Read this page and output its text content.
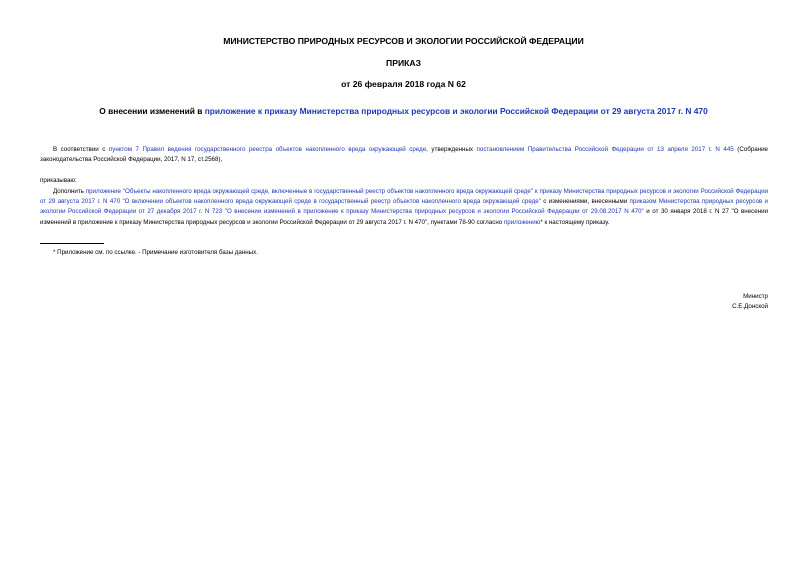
МИНИСТЕРСТВО ПРИРОДНЫХ РЕСУРСОВ И ЭКОЛОГИИ РОССИЙСКОЙ ФЕДЕРАЦИИ
ПРИКАЗ
от 26 февраля 2018 года N 62
О внесении изменений в приложение к приказу Министерства природных ресурсов и экологии Российской Федерации от 29 августа 2017 г. N 470
В соответствии с пунктом 7 Правил ведения государственного реестра объектов накопленного вреда окружающей среде, утвержденных постановлением Правительства Российской Федерации от 13 апреля 2017 г. N 445 (Собрание законодательства Российской Федерации, 2017, N 17, ст.2568),
приказываю:
Дополнить приложение "Объекты накопленного вреда окружающей среде, включенные в государственный реестр объектов накопленного вреда окружающей среде" к приказу Министерства природных ресурсов и экологии Российской Федерации от 29 августа 2017 г. N 470 "О включении объектов накопленного вреда окружающей среде в государственный реестр объектов накопленного вреда окружающей среде" с изменениями, внесенными приказом Министерства природных ресурсов и экологии Российской Федерации от 27 декабря 2017 г. N 723 "О внесении изменений в приложение к приказу Министерства природных ресурсов и экологии Российской Федерации от 29.08.2017 N 470" и от 30 января 2018 г. N 27 "О внесении изменений в приложение к приказу Министерства природных ресурсов и экологии Российской Федерации от 29 августа 2017 г. N 470", пунктами 78-90 согласно приложению* к настоящему приказу.
* Приложение см. по ссылке. - Примечание изготовителя базы данных.
Министр
С.Е.Донской
